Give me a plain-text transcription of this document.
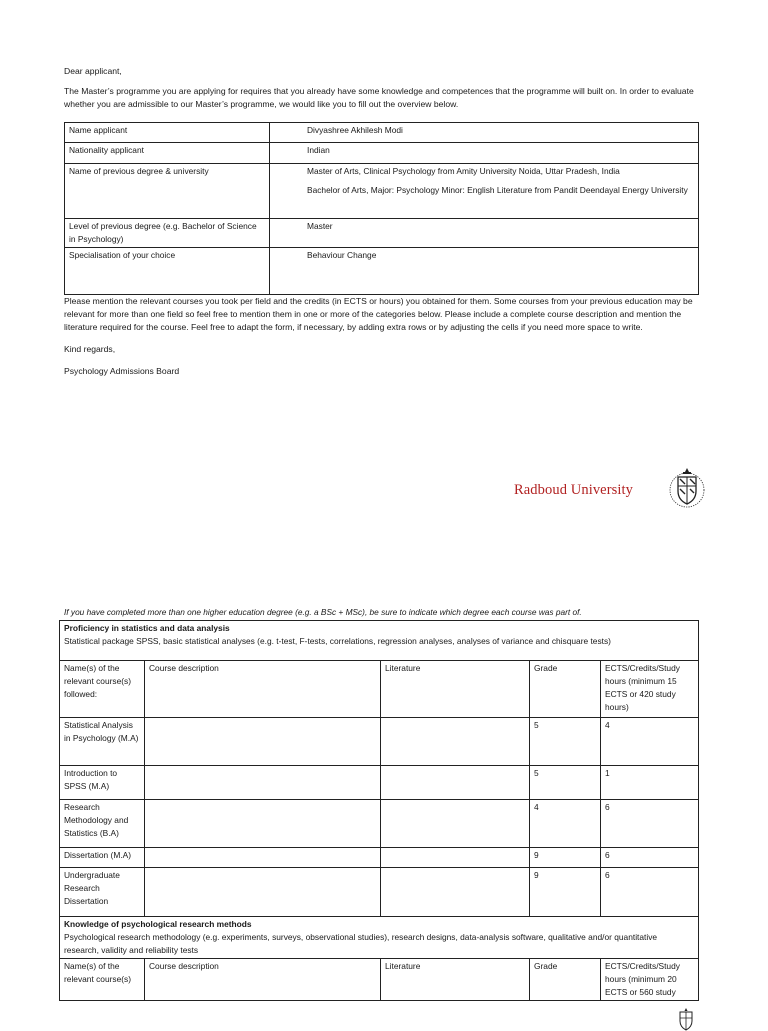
Dear applicant,

The Master’s programme you are applying for requires that you already have some knowledge and competences that the programme will built on. In order to evaluate whether you are admissible to our Master’s programme, we would like you to fill out the overview below.

Name applicant	Divyashree Akhilesh Modi
Nationality applicant	Indian
Name of previous degree & university	Master of Arts, Clinical Psychology from Amity University Noida, Uttar Pradesh, India
Bachelor of Arts, Major: Psychology Minor: English Literature from Pandit Deendayal Energy University

Level of previous degree (e.g. Bachelor of Science in Psychology)	Master
Specialisation of your choice	Behaviour Change

Please mention the relevant courses you took per field and the credits (in ECTS or hours) you obtained for them. Some courses from your previous education may be relevant for more than one field so feel free to mention them in one or more of the categories below. Please include a complete course description and mention the literature required for the course. Feel free to adapt the form, if necessary, by adding extra rows or by adjusting the cells if you need more space to write.

Kind regards,

Psychology Admissions Board

Radboud University
If you have completed more than one higher education degree (e.g. a BSc + MSc), be sure to indicate which degree each course was part of.
Proficiency in statistics and data analysis
Statistical package SPSS, basic statistical analyses (e.g. t-test, F-tests, correlations, regression analyses, analyses of variance and chisquare tests)				
Name(s) of the relevant course(s) followed:	Course description	Literature	Grade	ECTS/Credits/Study hours (minimum 15 ECTS or 420 study hours)
Statistical Analysis in Psychology (M.A)			5	4
Introduction to SPSS (M.A)			5	1
Research Methodology and Statistics (B.A)			4	6
Dissertation (M.A)			9	6
Undergraduate Research Dissertation			9	6

Knowledge of psychological research methods
Psychological research methodology (e.g. experiments, surveys, observational studies), research designs, data-analysis software, qualitative and/or quantitative research, validity and reliability tests				
Name(s) of the relevant course(s)	Course description	Literature	Grade	ECTS/Credits/Study hours (minimum 20 ECTS or 560 study
